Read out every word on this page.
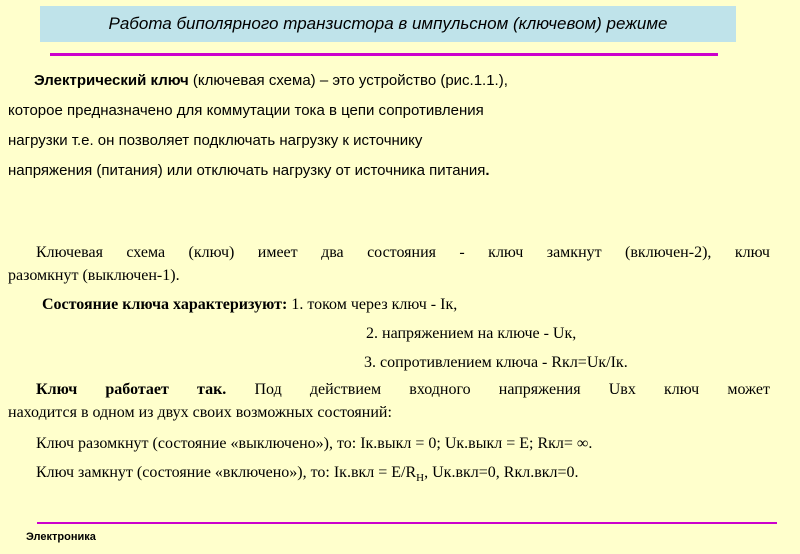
Работа биполярного транзистора в импульсном (ключевом) режиме
Электрический ключ (ключевая схема) – это устройство (рис.1.1.),
которое предназначено для коммутации тока в цепи сопротивления
нагрузки т.е. он позволяет подключать нагрузку к источнику
напряжения (питания) или отключать нагрузку от источника питания.
Ключевая схема (ключ) имеет два состояния - ключ замкнут (включен-2), ключ
разомкнут (выключен-1).
Состояние ключа характеризуют: 1. током через ключ - Iк,
2. напряжением на ключе - Uк,
3. сопротивлением ключа - Rкл=Uк/Iк.
Ключ работает так. Под действием входного напряжения Uвх ключ может
находится в одном из двух своих возможных состояний:
Ключ разомкнут (состояние «выключено»), то: Iк.выкл = 0; Uк.выкл = E; Rкл= ∞.
Ключ замкнут (состояние «включено»), то: $Iк.вкл = E/R_Н$, Uк.вкл=0, Rкл.вкл=0.
Электроника
